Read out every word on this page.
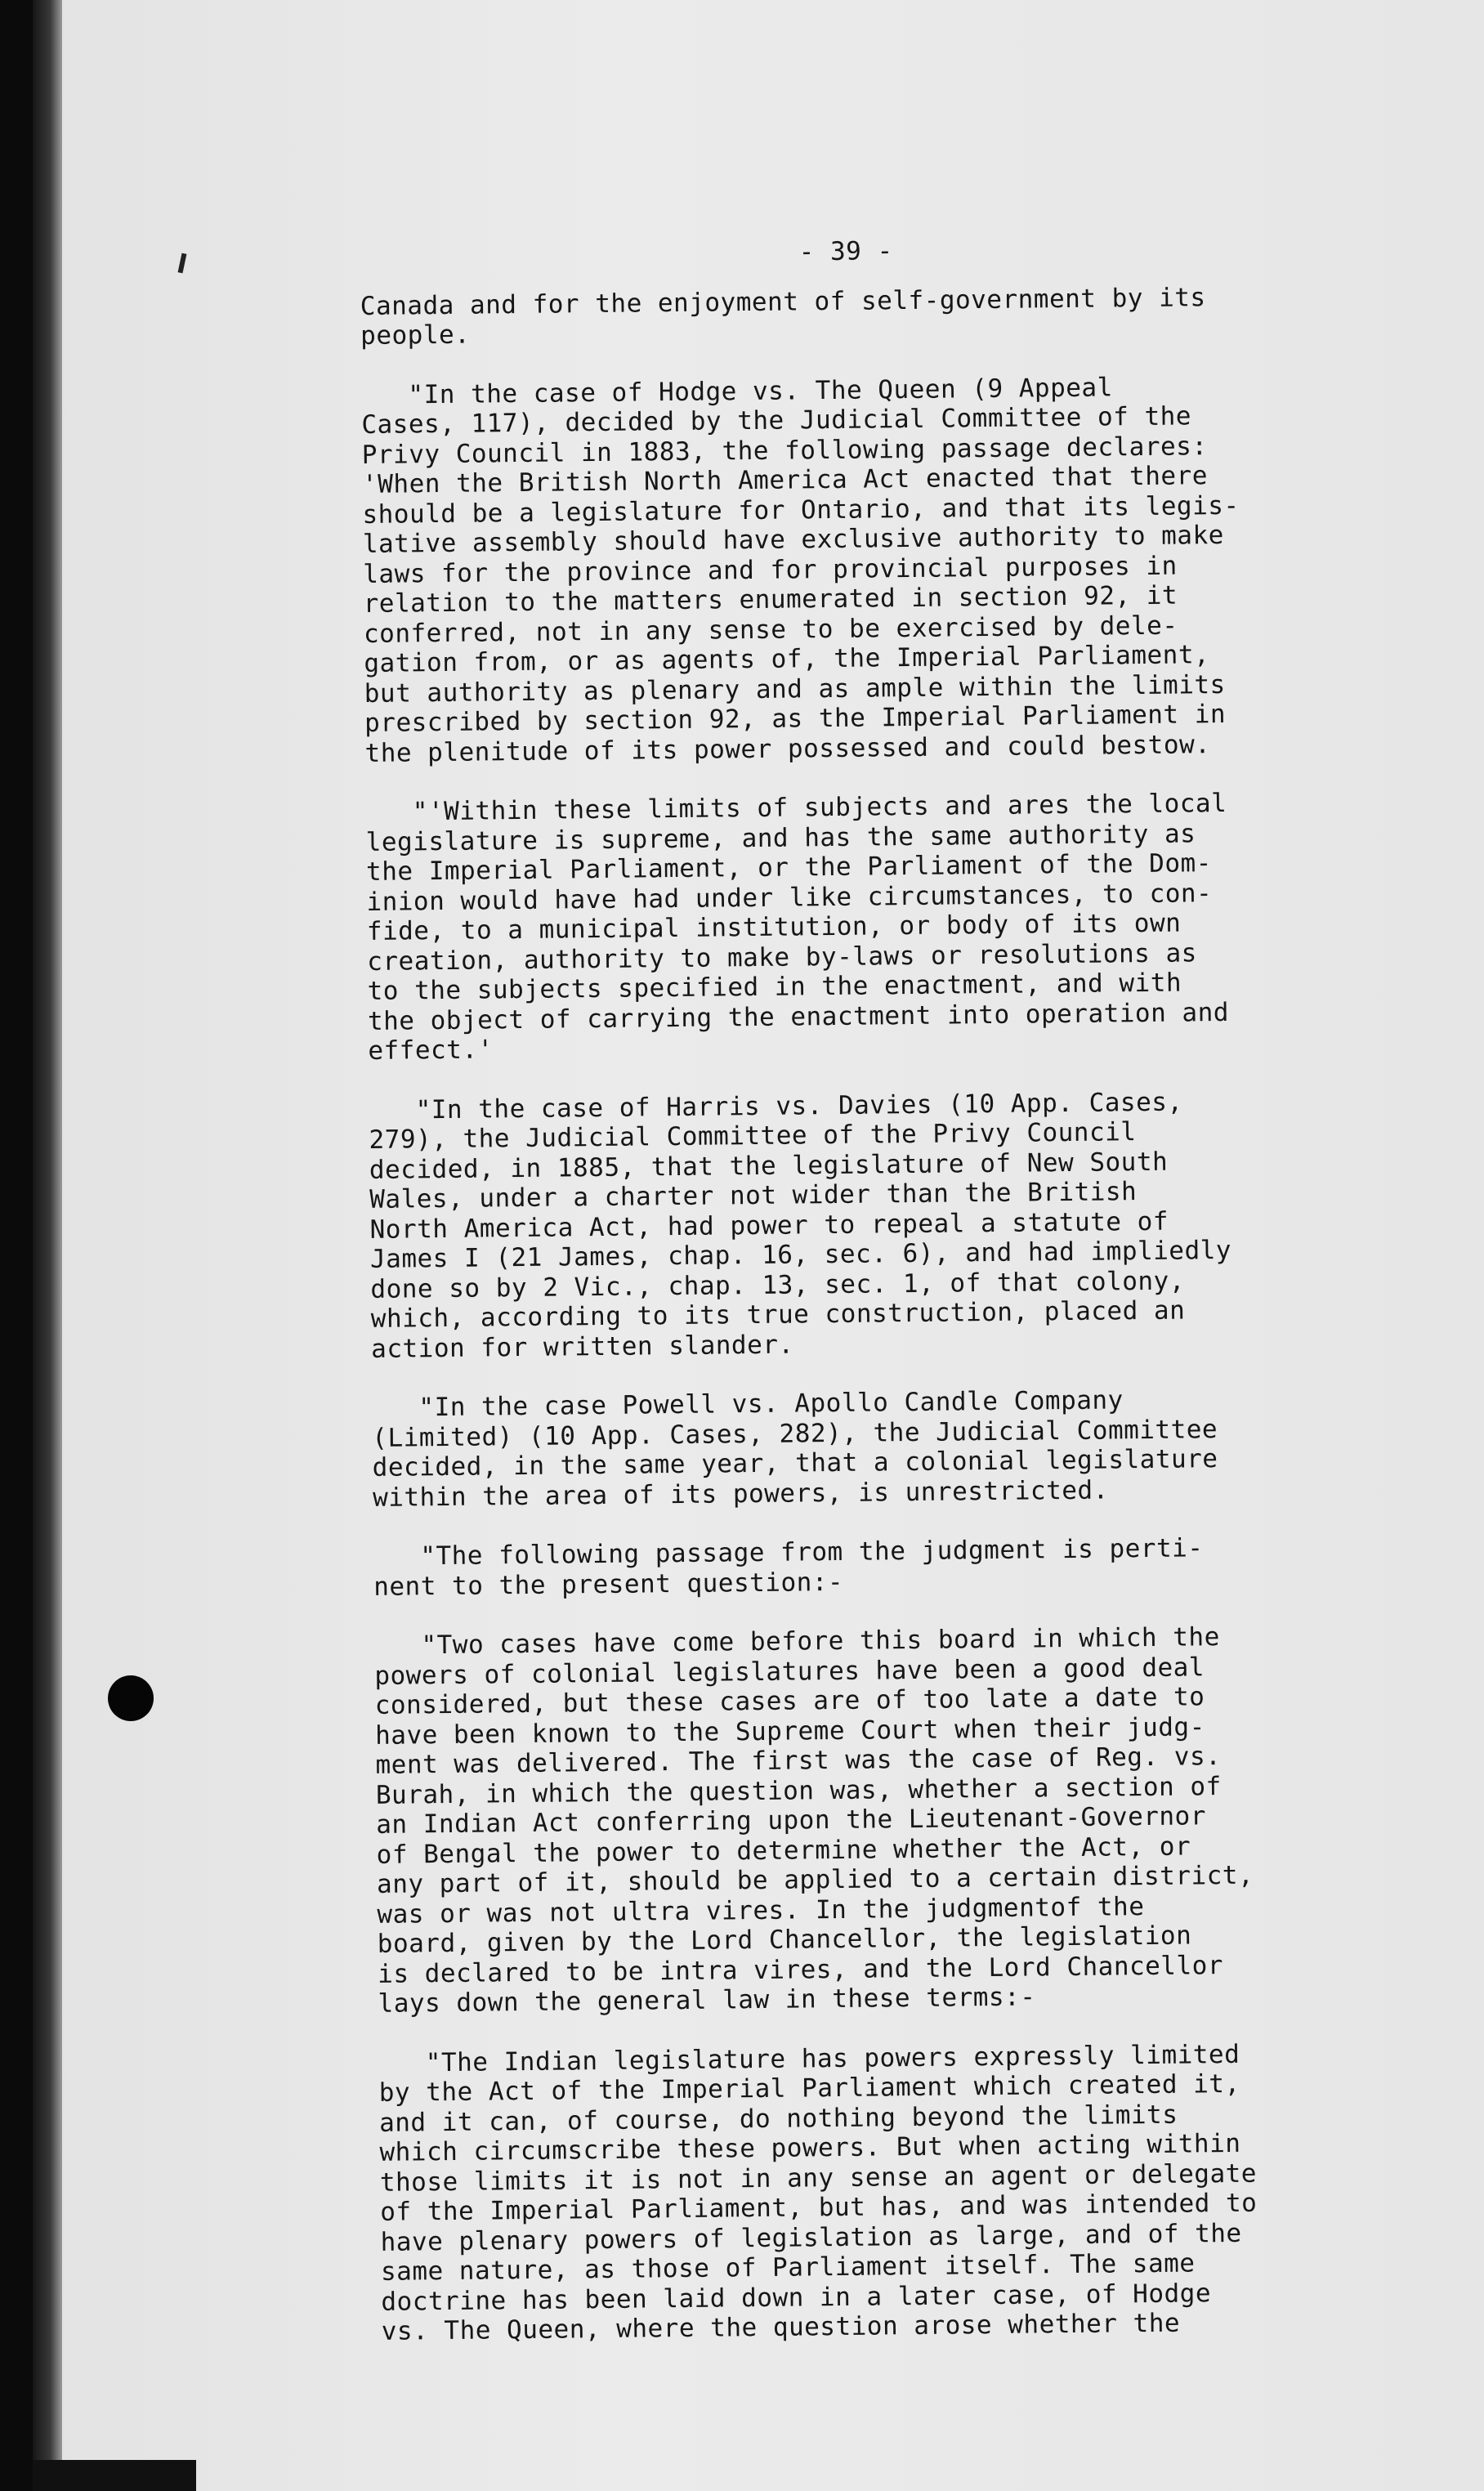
- 39 -
Canada and for the enjoyment of self-government by its
people.
"In the case of Hodge vs. The Queen (9 Appeal
Cases, 117), decided by the Judicial Committee of the
Privy Council in 1883, the following passage declares:
'When the British North America Act enacted that there
should be a legislature for Ontario, and that its legis-
lative assembly should have exclusive authority to make
laws for the province and for provincial purposes in
relation to the matters enumerated in section 92, it
conferred, not in any sense to be exercised by dele-
gation from, or as agents of, the Imperial Parliament,
but authority as plenary and as ample within the limits
prescribed by section 92, as the Imperial Parliament in
the plenitude of its power possessed and could bestow.
"'Within these limits of subjects and ares the local
legislature is supreme, and has the same authority as
the Imperial Parliament, or the Parliament of the Dom-
inion would have had under like circumstances, to con-
fide, to a municipal institution, or body of its own
creation, authority to make by-laws or resolutions as
to the subjects specified in the enactment, and with
the object of carrying the enactment into operation and
effect.'
"In the case of Harris vs. Davies (10 App. Cases,
279), the Judicial Committee of the Privy Council
decided, in 1885, that the legislature of New South
Wales, under a charter not wider than the British
North America Act, had power to repeal a statute of
James I (21 James, chap. 16, sec. 6), and had impliedly
done so by 2 Vic., chap. 13, sec. 1, of that colony,
which, according to its true construction, placed an
action for written slander.
"In the case Powell vs. Apollo Candle Company
(Limited) (10 App. Cases, 282), the Judicial Committee
decided, in the same year, that a colonial legislature
within the area of its powers, is unrestricted.
"The following passage from the judgment is perti-
nent to the present question:-
"Two cases have come before this board in which the
powers of colonial legislatures have been a good deal
considered, but these cases are of too late a date to
have been known to the Supreme Court when their judg-
ment was delivered. The first was the case of Reg. vs.
Burah, in which the question was, whether a section of
an Indian Act conferring upon the Lieutenant-Governor
of Bengal the power to determine whether the Act, or
any part of it, should be applied to a certain district,
was or was not ultra vires. In the judgmentof the
board, given by the Lord Chancellor, the legislation
is declared to be intra vires, and the Lord Chancellor
lays down the general law in these terms:-
"The Indian legislature has powers expressly limited
by the Act of the Imperial Parliament which created it,
and it can, of course, do nothing beyond the limits
which circumscribe these powers. But when acting within
those limits it is not in any sense an agent or delegate
of the Imperial Parliament, but has, and was intended to
have plenary powers of legislation as large, and of the
same nature, as those of Parliament itself. The same
doctrine has been laid down in a later case, of Hodge
vs. The Queen, where the question arose whether the
